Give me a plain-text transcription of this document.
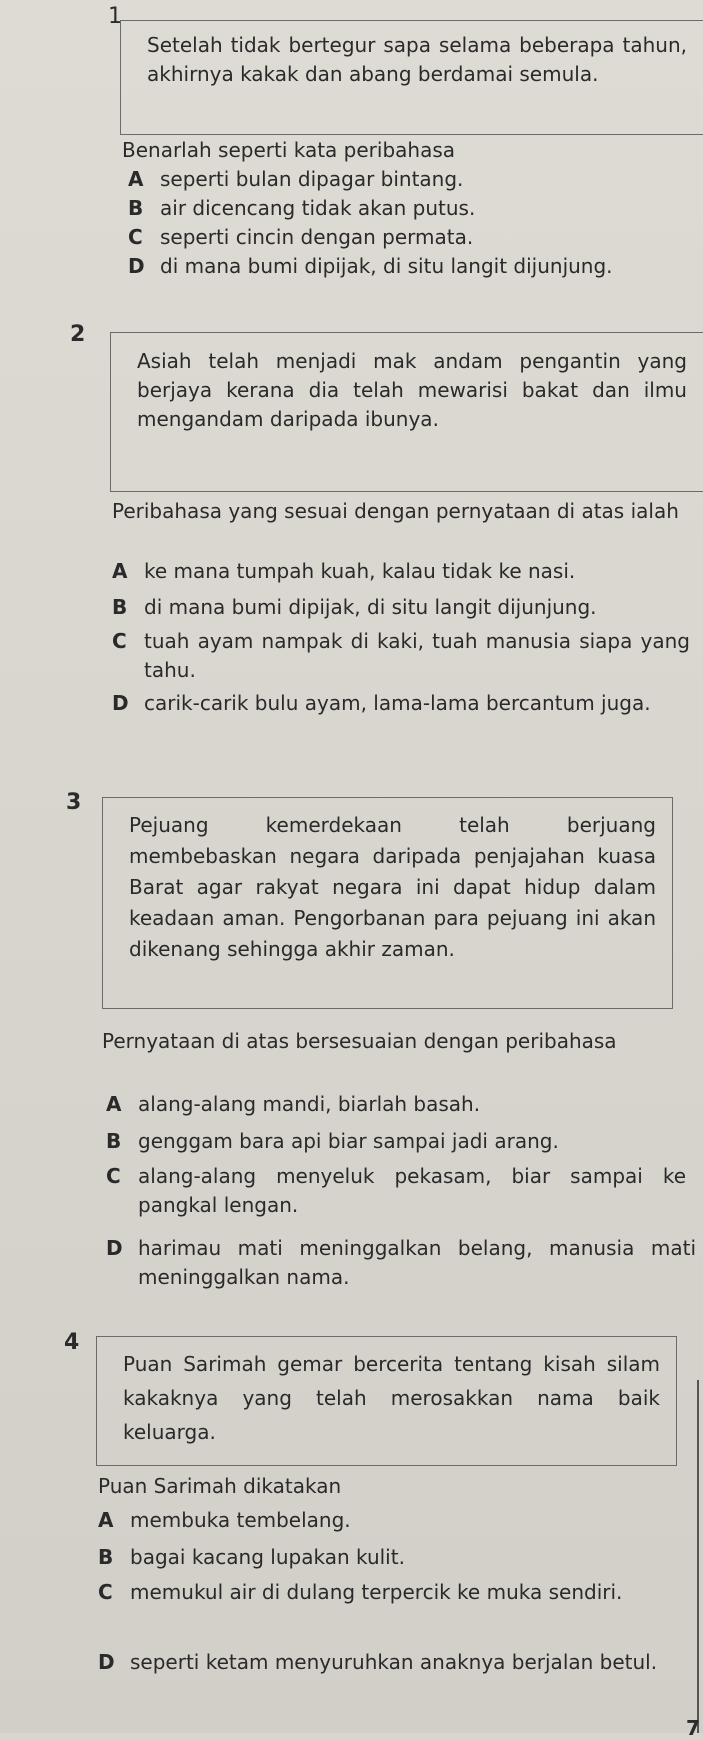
1
Setelah tidak bertegur sapa selama beberapa tahun, akhirnya kakak dan abang berdamai semula.
Benarlah seperti kata peribahasa
A seperti bulan dipagar bintang.
B air dicencang tidak akan putus.
C seperti cincin dengan permata.
D di mana bumi dipijak, di situ langit dijunjung.
2
Asiah telah menjadi mak andam pengantin yang berjaya kerana dia telah mewarisi bakat dan ilmu mengandam daripada ibunya.
Peribahasa yang sesuai dengan pernyataan di atas ialah
A ke mana tumpah kuah, kalau tidak ke nasi.
B di mana bumi dipijak, di situ langit dijunjung.
C tuah ayam nampak di kaki, tuah manusia siapa yang tahu.
D carik-carik bulu ayam, lama-lama bercantum juga.
3
Pejuang kemerdekaan telah berjuang membebaskan negara daripada penjajahan kuasa Barat agar rakyat negara ini dapat hidup dalam keadaan aman. Pengorbanan para pejuang ini akan dikenang sehingga akhir zaman.
Pernyataan di atas bersesuaian dengan peribahasa
A alang-alang mandi, biarlah basah.
B genggam bara api biar sampai jadi arang.
C alang-alang menyeluk pekasam, biar sampai ke pangkal lengan.
D harimau mati meninggalkan belang, manusia mati meninggalkan nama.
4
Puan Sarimah gemar bercerita tentang kisah silam kakaknya yang telah merosakkan nama baik keluarga.
Puan Sarimah dikatakan
A membuka tembelang.
B bagai kacang lupakan kulit.
C memukul air di dulang terpercik ke muka sendiri.
D seperti ketam menyuruhkan anaknya berjalan betul.
7
